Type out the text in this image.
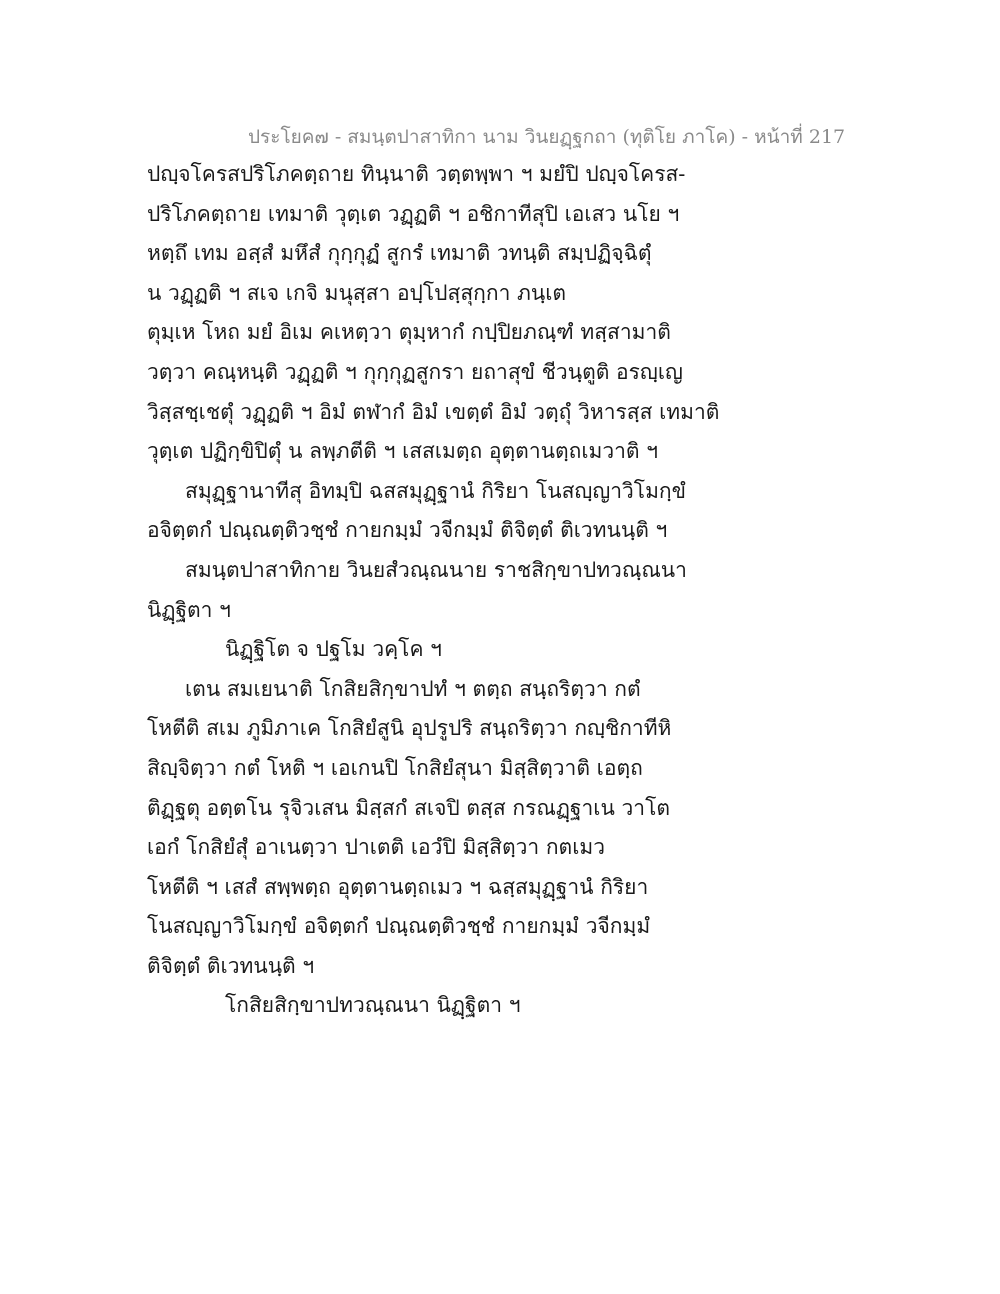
ประโยค๗ - สมนฺตปาสาทิกา นาม วินยฏฺฐกถา (ทุติโย ภาโค) - หน้าที่ 217
ปญฺจโครสปริโภคตฺถาย ทินฺนาติ วตฺตพฺพา ฯ มยํปิ ปญฺจโครส-
ปริโภคตฺถาย เทมาติ วุตฺเต วฏฺฏติ ฯ อชิกาทีสุปิ เอเสว นโย ฯ
หตฺถึ เทม อสฺสํ มหึสํ กุกฺกุฏํ สูกรํ เทมาติ วทนฺติ สมฺปฏิจฺฉิตุํ
น วฏฺฏติ ฯ สเจ เกจิ มนุสฺสา อปฺโปสฺสุกฺกา ภนฺเต
ตุมฺเห โหถ มยํ อิเม คเหตฺวา ตุมฺหากํ กปฺปิยภณฺฑํ ทสฺสามาติ
วตฺวา คณฺหนฺติ วฏฺฏติ ฯ กุกฺกุฏสูกรา ยถาสุขํ ชีวนฺตูติ อรญฺเญ
วิสฺสชฺเชตุํ วฏฺฏติ ฯ อิมํ ตฬากํ อิมํ เขตฺตํ อิมํ วตฺถุํ วิหารสฺส เทมาติ
วุตฺเต ปฏิกฺขิปิตุํ น ลพฺภตีติ ฯ เสสเมตฺถ อุตฺตานตฺถเมวาติ ฯ
สมุฏฺฐานาทีสุ อิทมฺปิ ฉสสมุฏฺฐานํ กิริยา โนสญฺญาวิโมกฺขํ
อจิตฺตกํ ปณฺณตฺติวชฺชํ กายกมฺมํ วจีกมฺมํ ติจิตฺตํ ติเวทนนฺติ ฯ
สมนฺตปาสาทิกาย วินยสํวณฺณนาย ราชสิกฺขาปทวณฺณนา
นิฏฺฐิตา ฯ
นิฏฺฐิโต จ ปฐโม วคฺโค ฯ
เตน สมเยนาติ โกสิยสิกฺขาปทํ ฯ ตตฺถ สนฺถริตฺวา กตํ
โหตีติ สเม ภูมิภาเค โกสิยํสูนิ อุปรูปริ สนฺถริตฺวา กญฺชิกาทีหิ
สิญฺจิตฺวา กตํ โหติ ฯ เอเกนปิ โกสิยํสุนา มิสฺสิตฺวาติ เอตฺถ
ติฏฺฐตุ อตฺตโน รุจิวเสน มิสฺสกํ สเจปิ ตสฺส กรณฏฺฐาเน วาโต
เอกํ โกสิยํสุํ อาเนตฺวา ปาเตติ เอวํปิ มิสฺสิตฺวา กตเมว
โหตีติ ฯ เสสํ สพฺพตฺถ อุตฺตานตฺถเมว ฯ ฉสฺสมุฏฺฐานํ กิริยา
โนสญฺญาวิโมกฺขํ อจิตฺตกํ ปณฺณตฺติวชฺชํ กายกมฺมํ วจีกมฺมํ
ติจิตฺตํ ติเวทนนฺติ ฯ
โกสิยสิกฺขาปทวณฺณนา นิฏฺฐิตา ฯ
